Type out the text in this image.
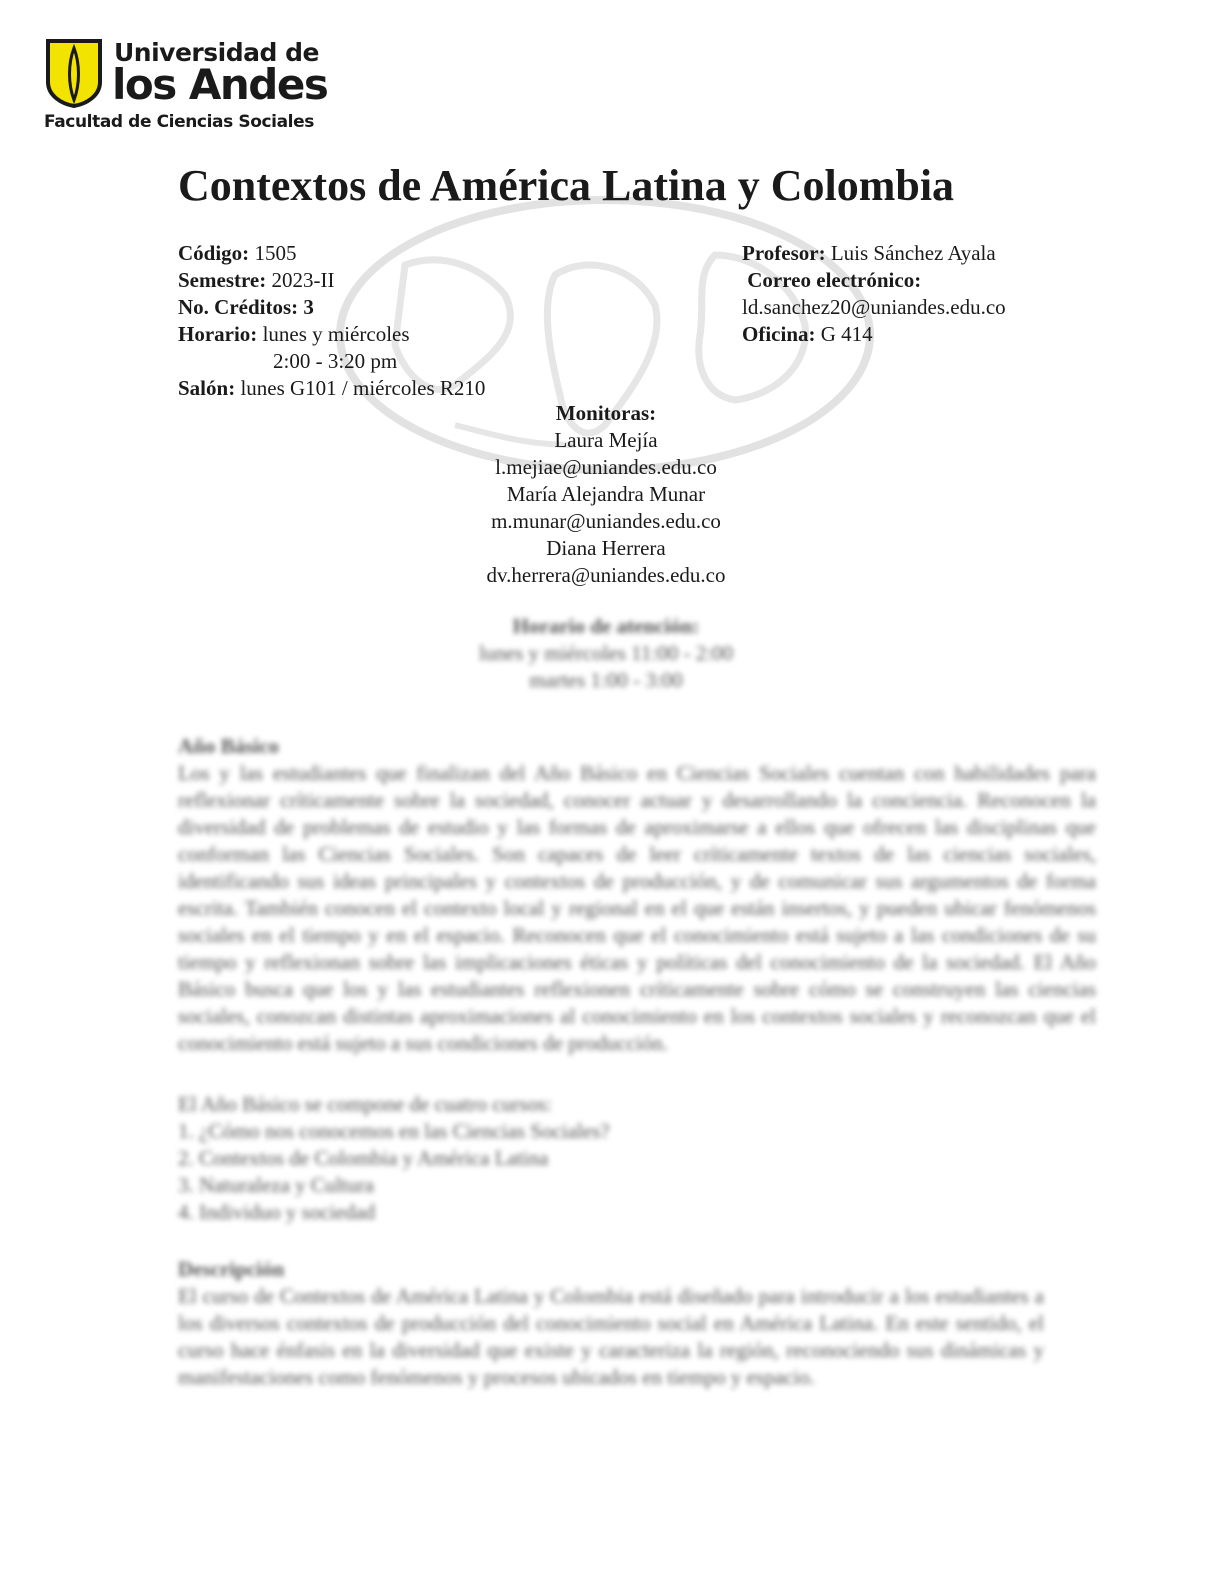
Universidad de
los Andes
Facultad de Ciencias Sociales
Contextos de América Latina y Colombia
Código: 1505
Semestre: 2023-II
No. Créditos: 3
Horario: lunes y miércoles
2:00 - 3:20 pm
Salón: lunes G101 / miércoles R210
Profesor: Luis Sánchez Ayala
Correo electrónico:
ld.sanchez20@uniandes.edu.co
Oficina: G 414
Monitoras:
Laura Mejía
l.mejiae@uniandes.edu.co
María Alejandra Munar
m.munar@uniandes.edu.co
Diana Herrera
dv.herrera@uniandes.edu.co
Horario de atención:
lunes y miércoles 11:00 - 2:00
martes 1:00 - 3:00
Año Básico
Los y las estudiantes que finalizan del Año Básico en Ciencias Sociales cuentan con habilidades para reflexionar críticamente sobre la sociedad, conocer actuar y desarrollando la conciencia. Reconocen la diversidad de problemas de estudio y las formas de aproximarse a ellos que ofrecen las disciplinas que conforman las Ciencias Sociales. Son capaces de leer críticamente textos de las ciencias sociales, identificando sus ideas principales y contextos de producción, y de comunicar sus argumentos de forma escrita. También conocen el contexto local y regional en el que están insertos, y pueden ubicar fenómenos sociales en el tiempo y en el espacio. Reconocen que el conocimiento está sujeto a las condiciones de su tiempo y reflexionan sobre las implicaciones éticas y políticas del conocimiento de la sociedad. El Año Básico busca que los y las estudiantes reflexionen críticamente sobre cómo se construyen las ciencias sociales, conozcan distintas aproximaciones al conocimiento en los contextos sociales y reconozcan que el conocimiento está sujeto a sus condiciones de producción.
El Año Básico se compone de cuatro cursos:
1. ¿Cómo nos conocemos en las Ciencias Sociales?
2. Contextos de Colombia y América Latina
3. Naturaleza y Cultura
4. Individuo y sociedad
Descripción
El curso de Contextos de América Latina y Colombia está diseñado para introducir a los estudiantes a los diversos contextos de producción del conocimiento social en América Latina. En este sentido, el curso hace énfasis en la diversidad que existe y caracteriza la región, reconociendo sus dinámicas y manifestaciones como fenómenos y procesos ubicados en tiempo y espacio.
